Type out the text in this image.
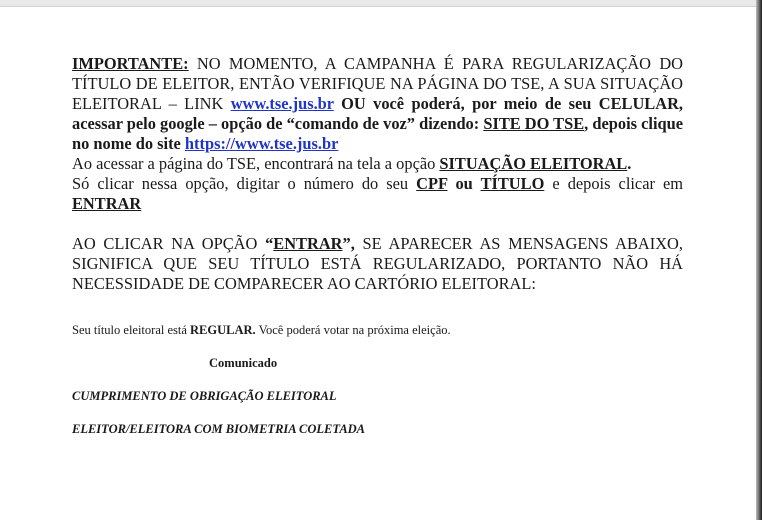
IMPORTANTE: NO MOMENTO, A CAMPANHA É PARA REGULARIZAÇÃO DO TÍTULO DE ELEITOR, ENTÃO VERIFIQUE NA PÁGINA DO TSE, A SUA SITUAÇÃO ELEITORAL – LINK www.tse.jus.br OU você poderá, por meio de seu CELULAR, acessar pelo google – opção de “comando de voz” dizendo: SITE DO TSE, depois clique no nome do site https://www.tse.jus.br

Ao acessar a página do TSE, encontrará na tela a opção SITUAÇÃO ELEITORAL.

Só clicar nessa opção, digitar o número do seu CPF ou TÍTULO e depois clicar em ENTRAR

AO CLICAR NA OPÇÃO “ENTRAR”, SE APARECER AS MENSAGENS ABAIXO, SIGNIFICA QUE SEU TÍTULO ESTÁ REGULARIZADO, PORTANTO NÃO HÁ NECESSIDADE DE COMPARECER AO CARTÓRIO ELEITORAL:

Seu título eleitoral está REGULAR. Você poderá votar na próxima eleição.

Comunicado

CUMPRIMENTO DE OBRIGAÇÃO ELEITORAL

ELEITOR/ELEITORA COM BIOMETRIA COLETADA
